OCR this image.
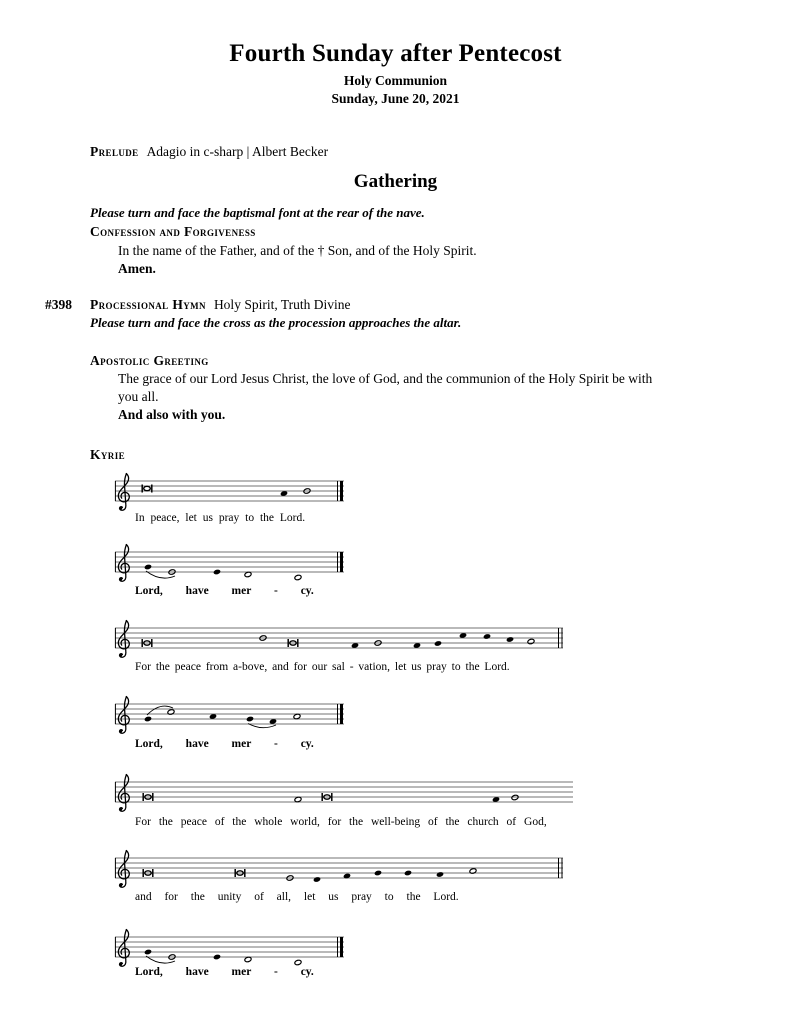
Fourth Sunday after Pentecost
Holy Communion
Sunday, June 20, 2021
Prelude Adagio in c-sharp | Albert Becker
Gathering
Please turn and face the baptismal font at the rear of the nave.
Confession and Forgiveness
In the name of the Father, and of the † Son, and of the Holy Spirit.
Amen.
#398 Processional Hymn Holy Spirit, Truth Divine
Please turn and face the cross as the procession approaches the altar.
Apostolic Greeting
The grace of our Lord Jesus Christ, the love of God, and the communion of the Holy Spirit be with
you all.
And also with you.
Kyrie
In peace, let us pray to the Lord.
Lord, have mer - cy.
For the peace from a-bove, and for our sal - vation, let us pray to the Lord.
Lord, have mer - cy.
For the peace of the whole world, for the well-being of the church of God,
and for the unity of all, let us pray to the Lord.
Lord, have mer - cy.
